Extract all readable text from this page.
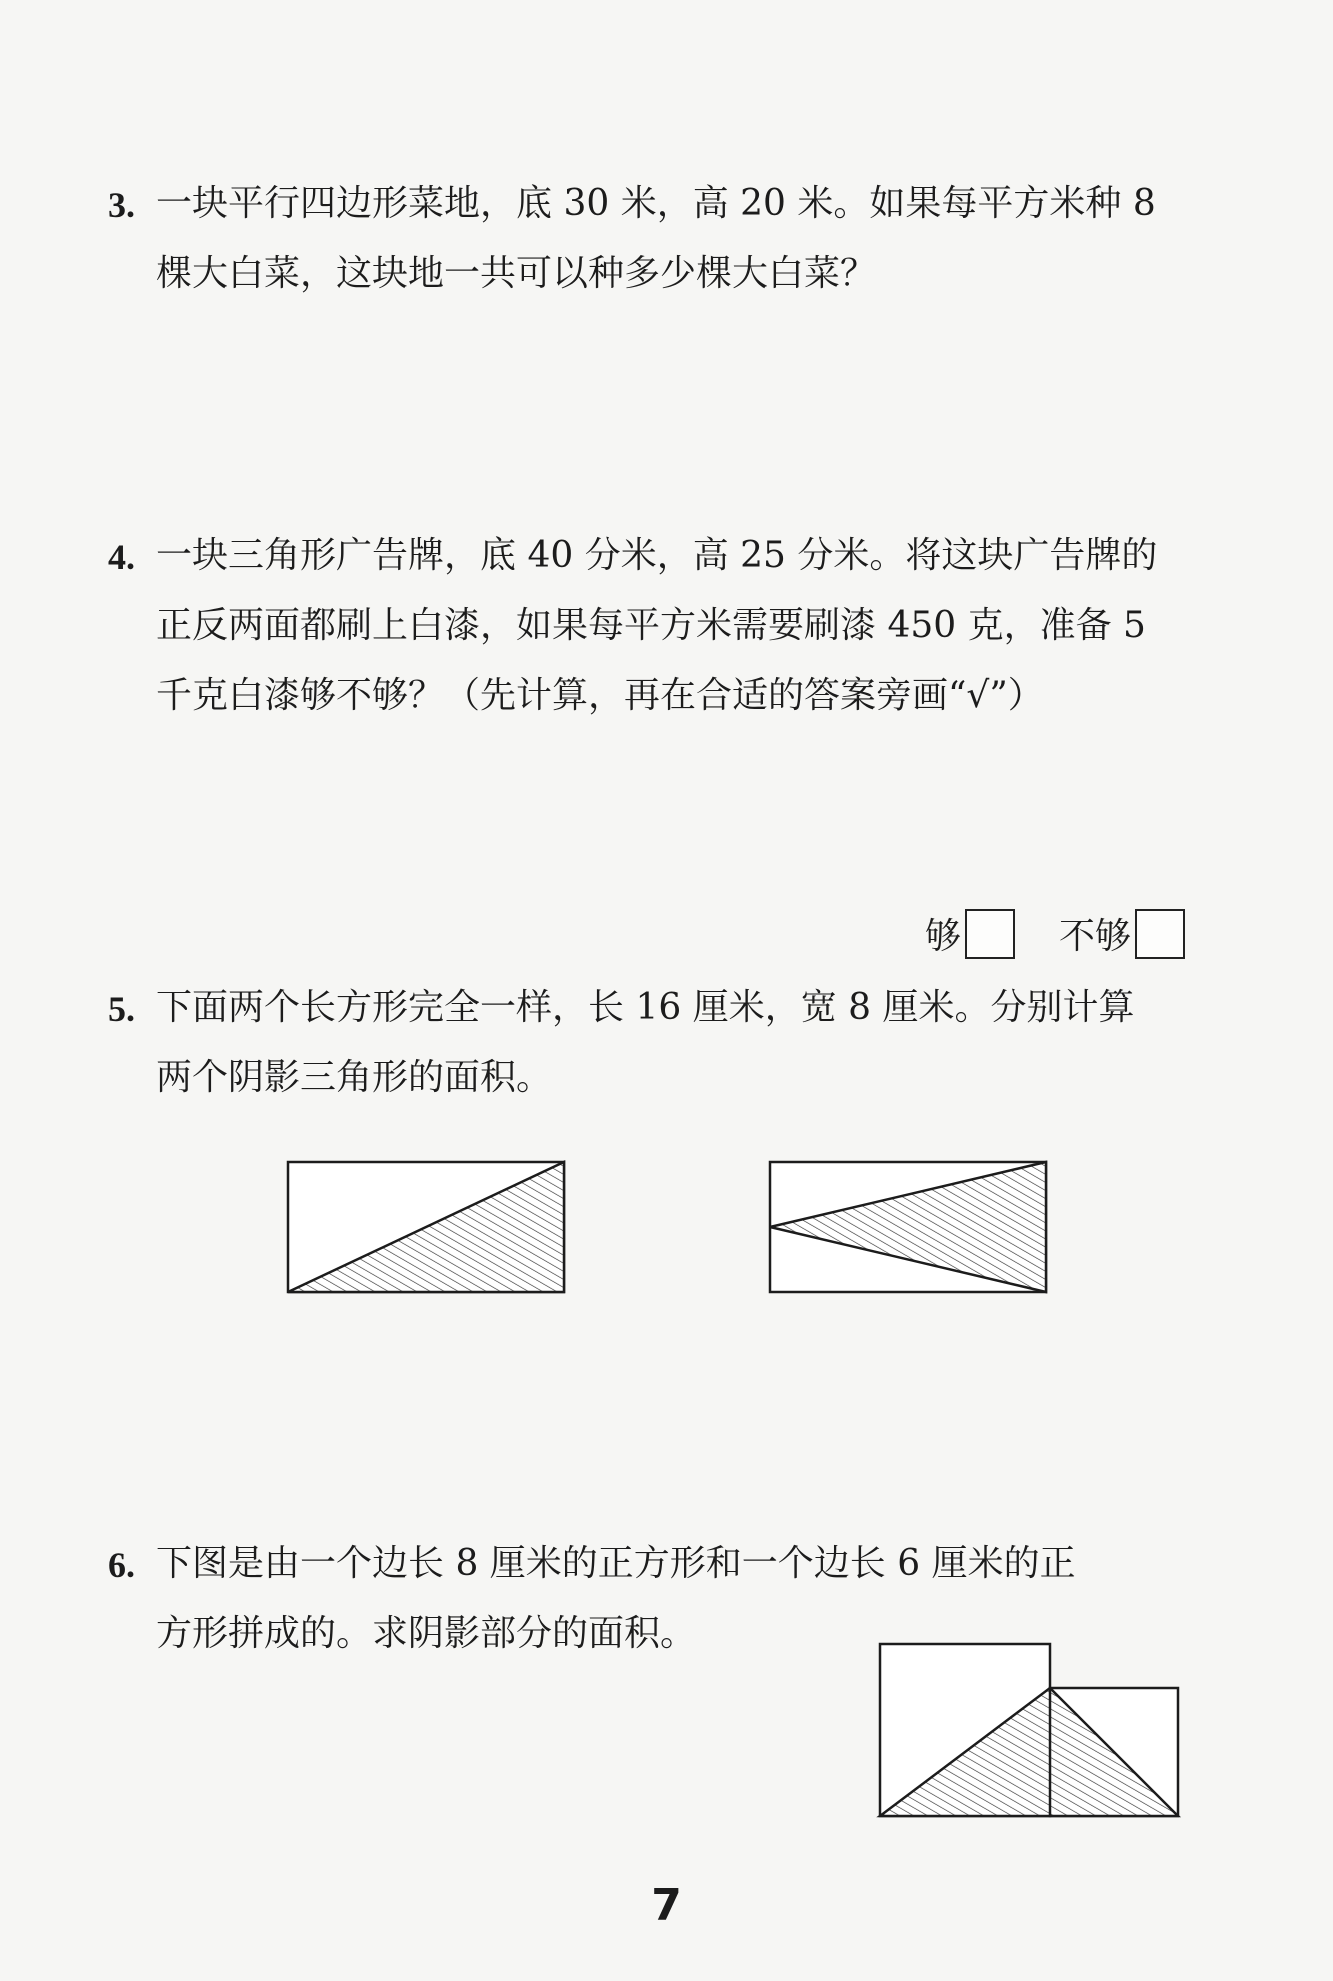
3. 一块平行四边形菜地，底 30 米，高 20 米。如果每平方米种 8
棵大白菜，这块地一共可以种多少棵大白菜？
4. 一块三角形广告牌，底 40 分米，高 25 分米。将这块广告牌的
正反两面都刷上白漆，如果每平方米需要刷漆 450 克，准备 5
千克白漆够不够？（先计算，再在合适的答案旁画“√”）
够	不够
5. 下面两个长方形完全一样，长 16 厘米，宽 8 厘米。分别计算
两个阴影三角形的面积。
6. 下图是由一个边长 8 厘米的正方形和一个边长 6 厘米的正
方形拼成的。求阴影部分的面积。
7
